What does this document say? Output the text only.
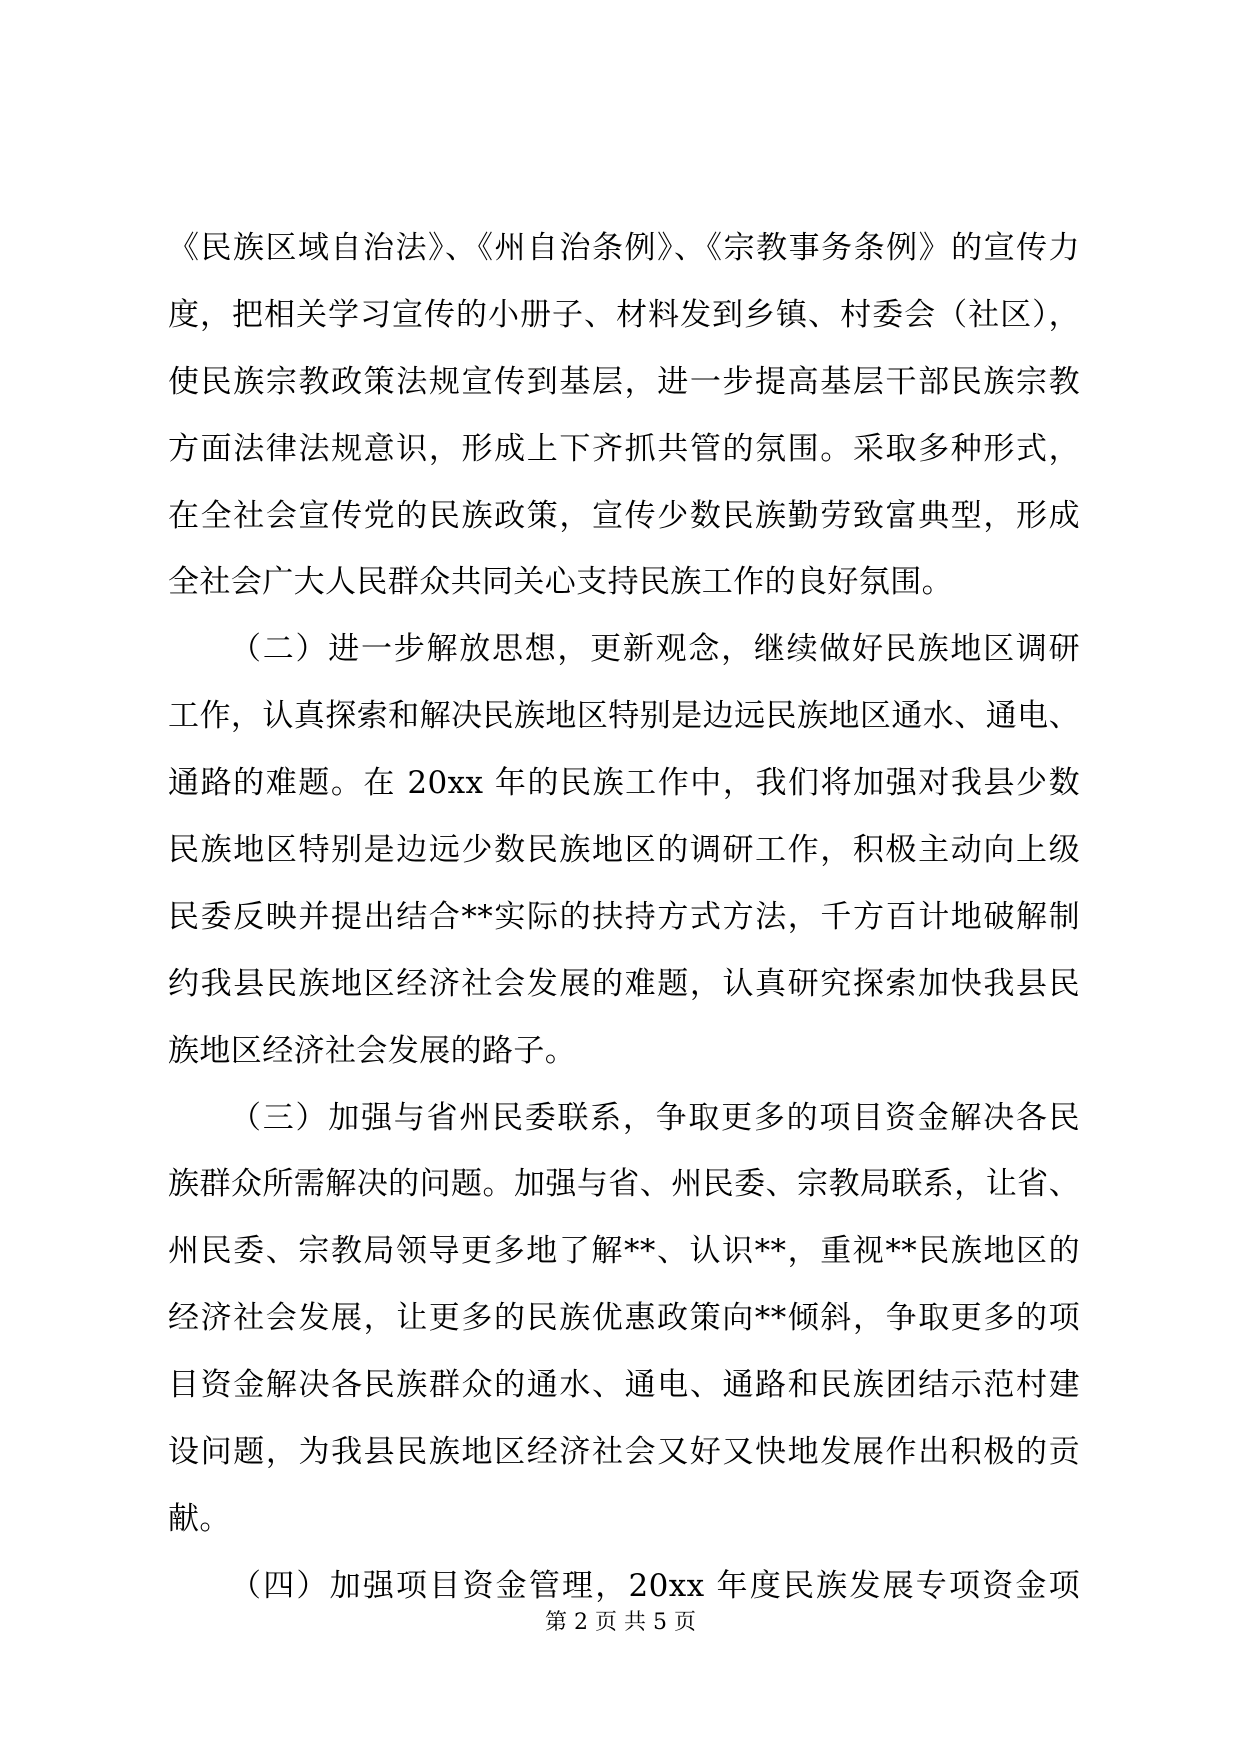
《民族区域自治法》、《州自治条例》、《宗教事务条例》的宣传力
度，把相关学习宣传的小册子、材料发到乡镇、村委会（社区），
使民族宗教政策法规宣传到基层，进一步提高基层干部民族宗教
方面法律法规意识，形成上下齐抓共管的氛围。采取多种形式，
在全社会宣传党的民族政策，宣传少数民族勤劳致富典型，形成
全社会广大人民群众共同关心支持民族工作的良好氛围。
（二）进一步解放思想，更新观念，继续做好民族地区调研
工作，认真探索和解决民族地区特别是边远民族地区通水、通电、
通路的难题。在 20xx 年的民族工作中，我们将加强对我县少数
民族地区特别是边远少数民族地区的调研工作，积极主动向上级
民委反映并提出结合**实际的扶持方式方法，千方百计地破解制
约我县民族地区经济社会发展的难题，认真研究探索加快我县民
族地区经济社会发展的路子。
（三）加强与省州民委联系，争取更多的项目资金解决各民
族群众所需解决的问题。加强与省、州民委、宗教局联系，让省、
州民委、宗教局领导更多地了解**、认识**，重视**民族地区的
经济社会发展，让更多的民族优惠政策向**倾斜，争取更多的项
目资金解决各民族群众的通水、通电、通路和民族团结示范村建
设问题，为我县民族地区经济社会又好又快地发展作出积极的贡
献。
（四）加强项目资金管理，20xx 年度民族发展专项资金项
第 2 页 共 5 页
